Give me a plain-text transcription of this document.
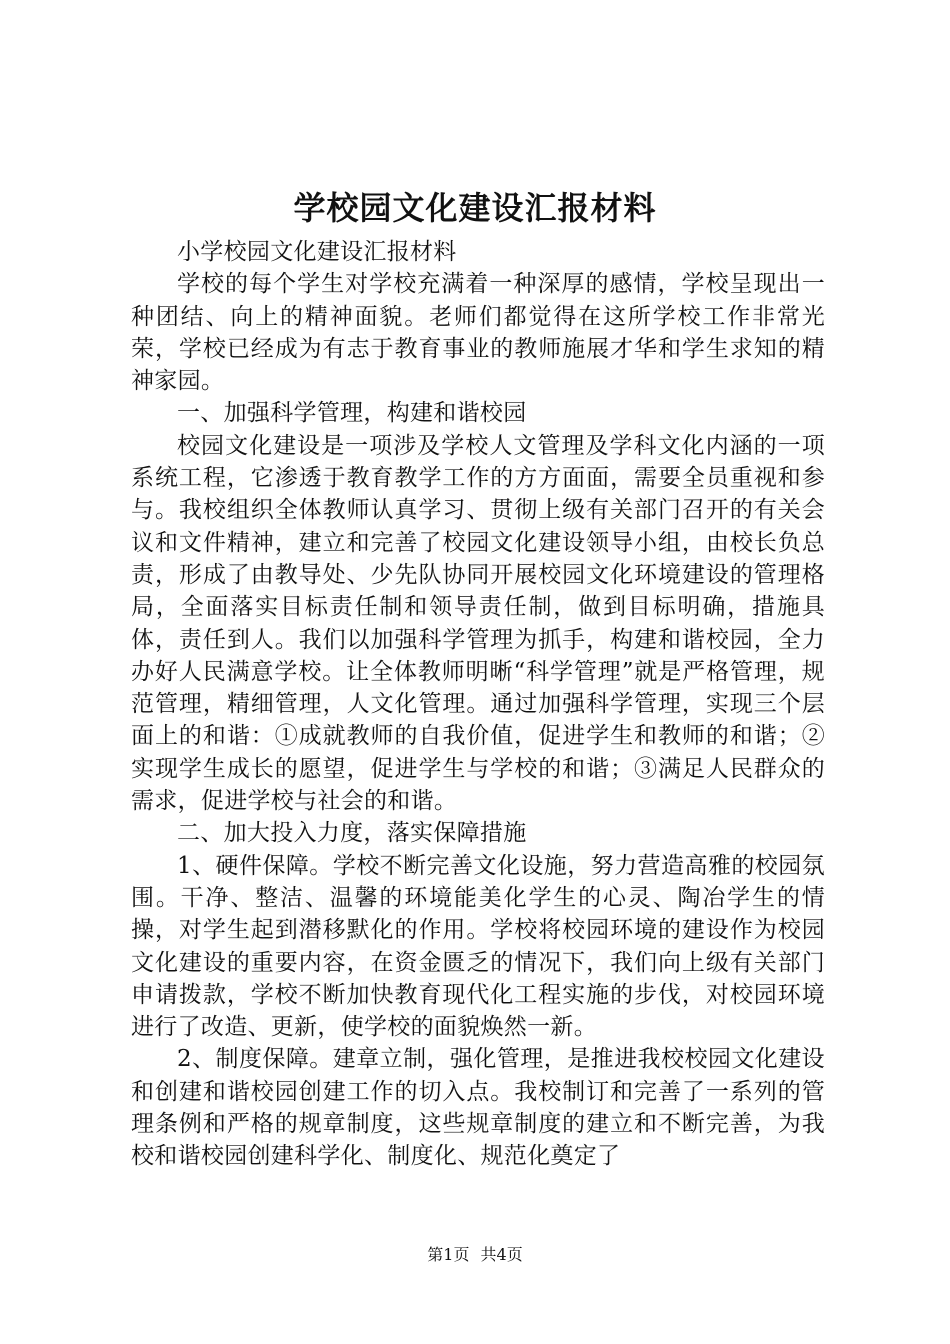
学校园文化建设汇报材料

小学校园文化建设汇报材料

学校的每个学生对学校充满着一种深厚的感情，学校呈现出一种团结、向上的精神面貌。老师们都觉得在这所学校工作非常光荣，学校已经成为有志于教育事业的教师施展才华和学生求知的精神家园。

一、加强科学管理，构建和谐校园

校园文化建设是一项涉及学校人文管理及学科文化内涵的一项系统工程，它渗透于教育教学工作的方方面面，需要全员重视和参与。我校组织全体教师认真学习、贯彻上级有关部门召开的有关会议和文件精神，建立和完善了校园文化建设领导小组，由校长负总责，形成了由教导处、少先队协同开展校园文化环境建设的管理格局，全面落实目标责任制和领导责任制，做到目标明确，措施具体，责任到人。我们以加强科学管理为抓手，构建和谐校园，全力办好人民满意学校。让全体教师明晰“科学管理”就是严格管理，规范管理，精细管理，人文化管理。通过加强科学管理，实现三个层面上的和谐：①成就教师的自我价值，促进学生和教师的和谐；②实现学生成长的愿望，促进学生与学校的和谐；③满足人民群众的需求，促进学校与社会的和谐。

二、加大投入力度，落实保障措施

1、硬件保障。学校不断完善文化设施，努力营造高雅的校园氛围。干净、整洁、温馨的环境能美化学生的心灵、陶冶学生的情操，对学生起到潜移默化的作用。学校将校园环境的建设作为校园文化建设的重要内容，在资金匮乏的情况下，我们向上级有关部门申请拨款，学校不断加快教育现代化工程实施的步伐，对校园环境进行了改造、更新，使学校的面貌焕然一新。

2、制度保障。建章立制，强化管理，是推进我校校园文化建设和创建和谐校园创建工作的切入点。我校制订和完善了一系列的管理条例和严格的规章制度，这些规章制度的建立和不断完善，为我校和谐校园创建科学化、制度化、规范化奠定了

第1页 共4页
